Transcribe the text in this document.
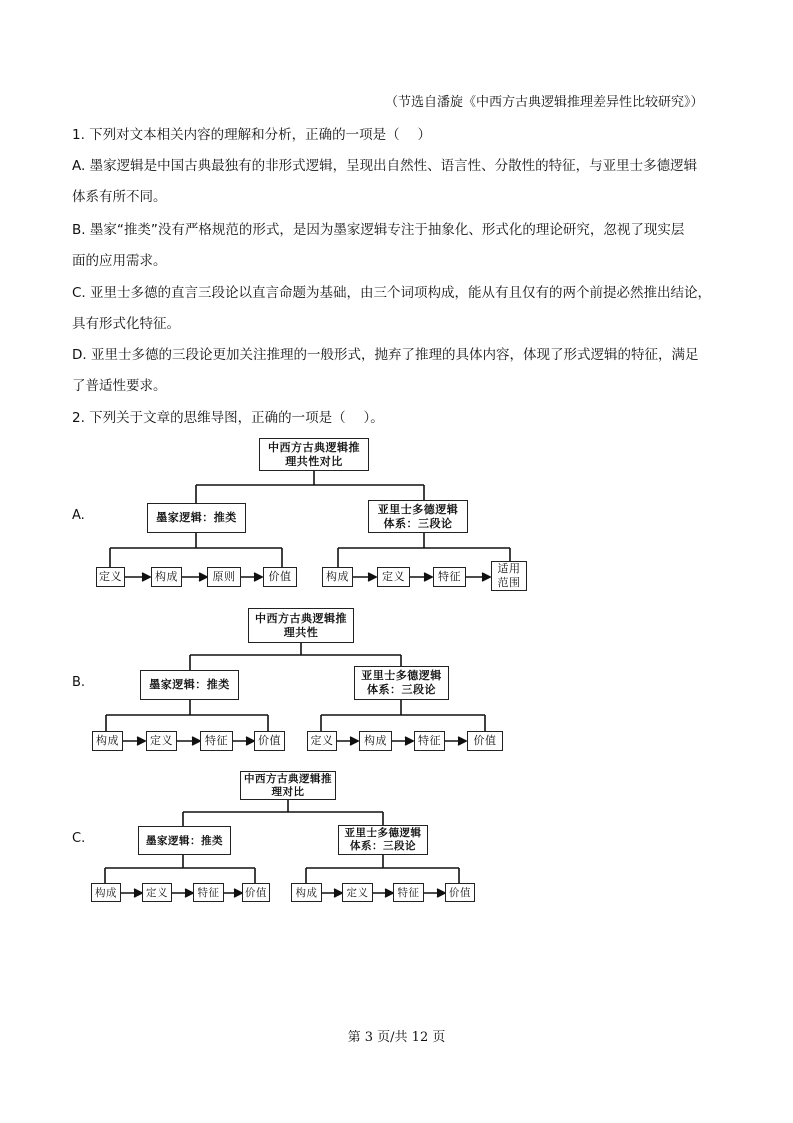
（节选自潘旋《中西方古典逻辑推理差异性比较研究》）
1. 下列对文本相关内容的理解和分析，正确的一项是（　 ）
A. 墨家逻辑是中国古典最独有的非形式逻辑，呈现出自然性、语言性、分散性的特征，与亚里士多德逻辑
体系有所不同。
B. 墨家“推类”没有严格规范的形式，是因为墨家逻辑专注于抽象化、形式化的理论研究，忽视了现实层
面的应用需求。
C. 亚里士多德的直言三段论以直言命题为基础，由三个词项构成，能从有且仅有的两个前提必然推出结论，
具有形式化特征。
D. 亚里士多德的三段论更加关注推理的一般形式，抛弃了推理的具体内容，体现了形式逻辑的特征，满足
了普适性要求。
2. 下列关于文章的思维导图，正确的一项是（　 ）。
A.
中西方古典逻辑推
理共性对比
墨家逻辑：推类
亚里士多德逻辑
体系：三段论
定义	构成	原则	价值	构成	定义	特征
适用
范围
B.
中西方古典逻辑推
理共性
墨家逻辑：推类
亚里士多德逻辑
体系：三段论
构成	定义	特征	价值	定义	构成	特征	价值
C.
中西方古典逻辑推
理对比
墨家逻辑：推类
亚里士多德逻辑
体系：三段论
构成	定义	特征	价值	构成	定义	特征	价值
第 3 页/共 12 页
